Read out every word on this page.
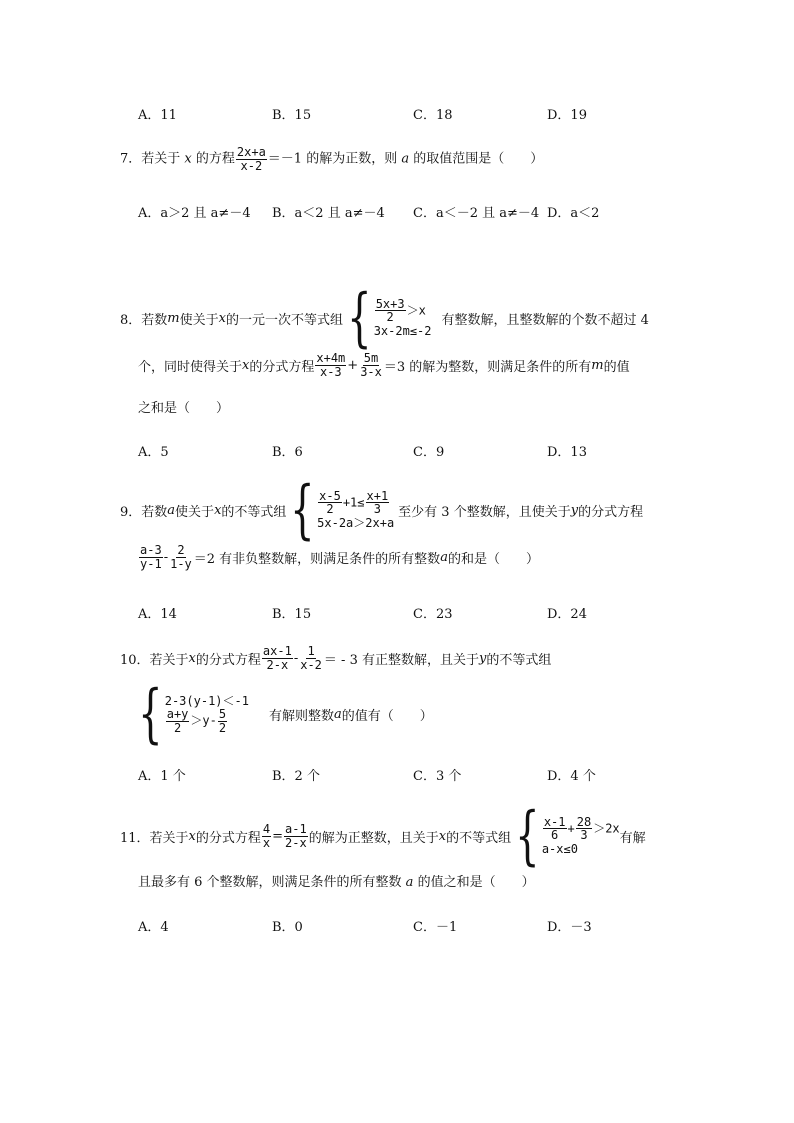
A．11	B．15	C．18	D．19
7．若关于 x 的方程 $\frac{2x+a}{x-2} =-1$ 的解为正数，则 a 的取值范围是（　　）
A．a＞2 且 a≠－4 B．a＜2 且 a≠－4 C．a＜－2 且 a≠－4 D．a＜2
8．若数 m 使关于 x 的一元一次不等式组 { $\frac{5x+3}{2} >x$
3x-2m≤-2
有整数解，且整数解的个数不超过 4
个，同时使得关于 x 的分式方程 $\frac{x+4m}{x-3} + \frac{5m}{3-x} =3$ 的解为整数，则满足条件的所有 m 的值
之和是（　　）
A．5	B．6	C．9	D．13
9．若数 a 使关于 x 的不等式组 { $\frac{x-5}{2} +1\le \frac{x+1}{3}$
5x-2a＞2x+a
至少有 3 个整数解，且使关于 y 的分式方程
$\frac{a-3}{y-1} - \frac{2}{1-y} =2$ 有非负整数解，则满足条件的所有整数 a 的和是（　　）
A．14	B．15	C．23	D．24
10．若关于 x 的分式方程 $\frac{ax-1}{2-x} - \frac{1}{x-2}$ ＝ - 3 有正整数解，且关于 y 的不等式组
{ 2-3(y-1)＜-1
$\frac{a+y}{2} >y- \frac{5}{2}$	有解则整数 a 的值有（　　）
A．1 个	B．2 个	C．3 个	D．4 个
11．若关于 x 的分式方程 $\frac{4}{x} = \frac{a-1}{2-x}$ 的解为正整数，且关于 x 的不等式组 { $\frac{x-1}{6} + \frac{28}{3} >2x$
a-x≤0
有解
且最多有 6 个整数解，则满足条件的所有整数 a 的值之和是（　　）
A．4	B．0	C．－1	D．－3
